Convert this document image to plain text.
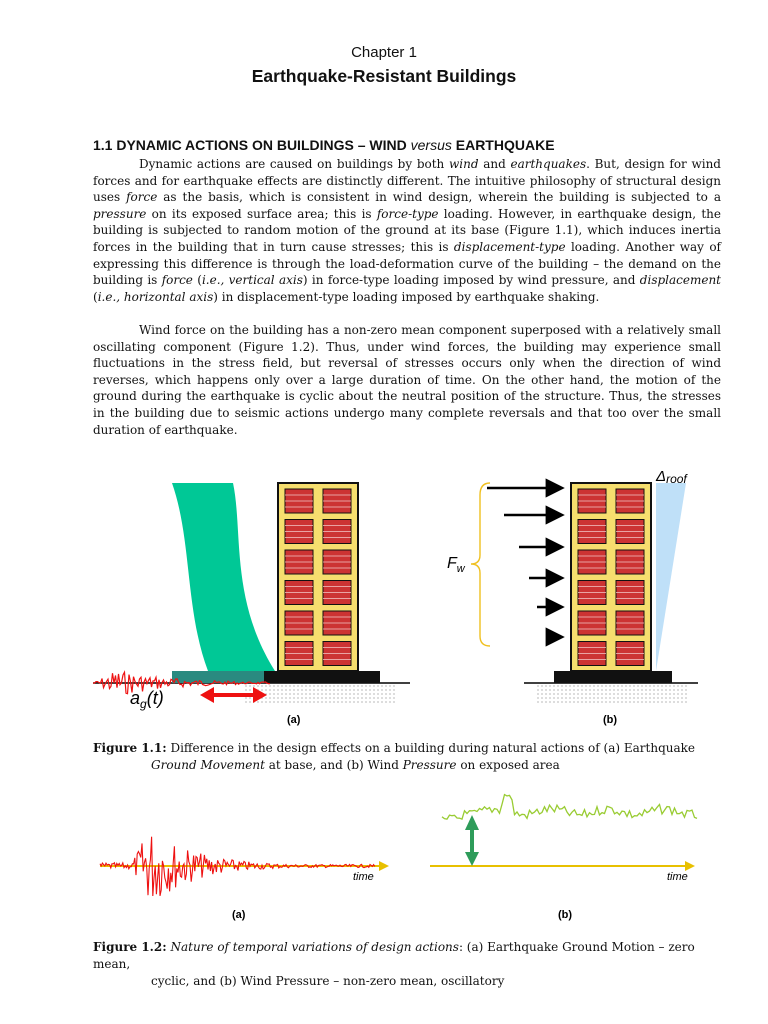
Chapter 1
Earthquake-Resistant Buildings
1.1 DYNAMIC ACTIONS ON BUILDINGS – WIND versus EARTHQUAKE

Dynamic actions are caused on buildings by both wind and earthquakes. But, design for wind forces and for earthquake effects are distinctly different. The intuitive philosophy of structural design uses force as the basis, which is consistent in wind design, wherein the building is subjected to a pressure on its exposed surface area; this is force-type loading. However, in earthquake design, the building is subjected to random motion of the ground at its base (Figure 1.1), which induces inertia forces in the building that in turn cause stresses; this is displacement-type loading. Another way of expressing this difference is through the load-deformation curve of the building – the demand on the building is force (i.e., vertical axis) in force-type loading imposed by wind pressure, and displacement (i.e., horizontal axis) in displacement-type loading imposed by earthquake shaking.

Wind force on the building has a non-zero mean component superposed with a relatively small oscillating component (Figure 1.2). Thus, under wind forces, the building may experience small fluctuations in the stress field, but reversal of stresses occurs only when the direction of wind reverses, which happens only over a large duration of time. On the other hand, the motion of the ground during the earthquake is cyclic about the neutral position of the structure. Thus, the stresses in the building due to seismic actions undergo many complete reversals and that too over the small duration of earthquake.

$a_g(t)$
(a)
$F_w$
Δroof
(b)
time
(a)
time
(b)
Figure 1.1: Difference in the design effects on a building during natural actions of (a) Earthquake
Ground Movement at base, and (b) Wind Pressure on exposed area
Figure 1.2: Nature of temporal variations of design actions: (a) Earthquake Ground Motion – zero mean,
cyclic, and (b) Wind Pressure – non-zero mean, oscillatory
